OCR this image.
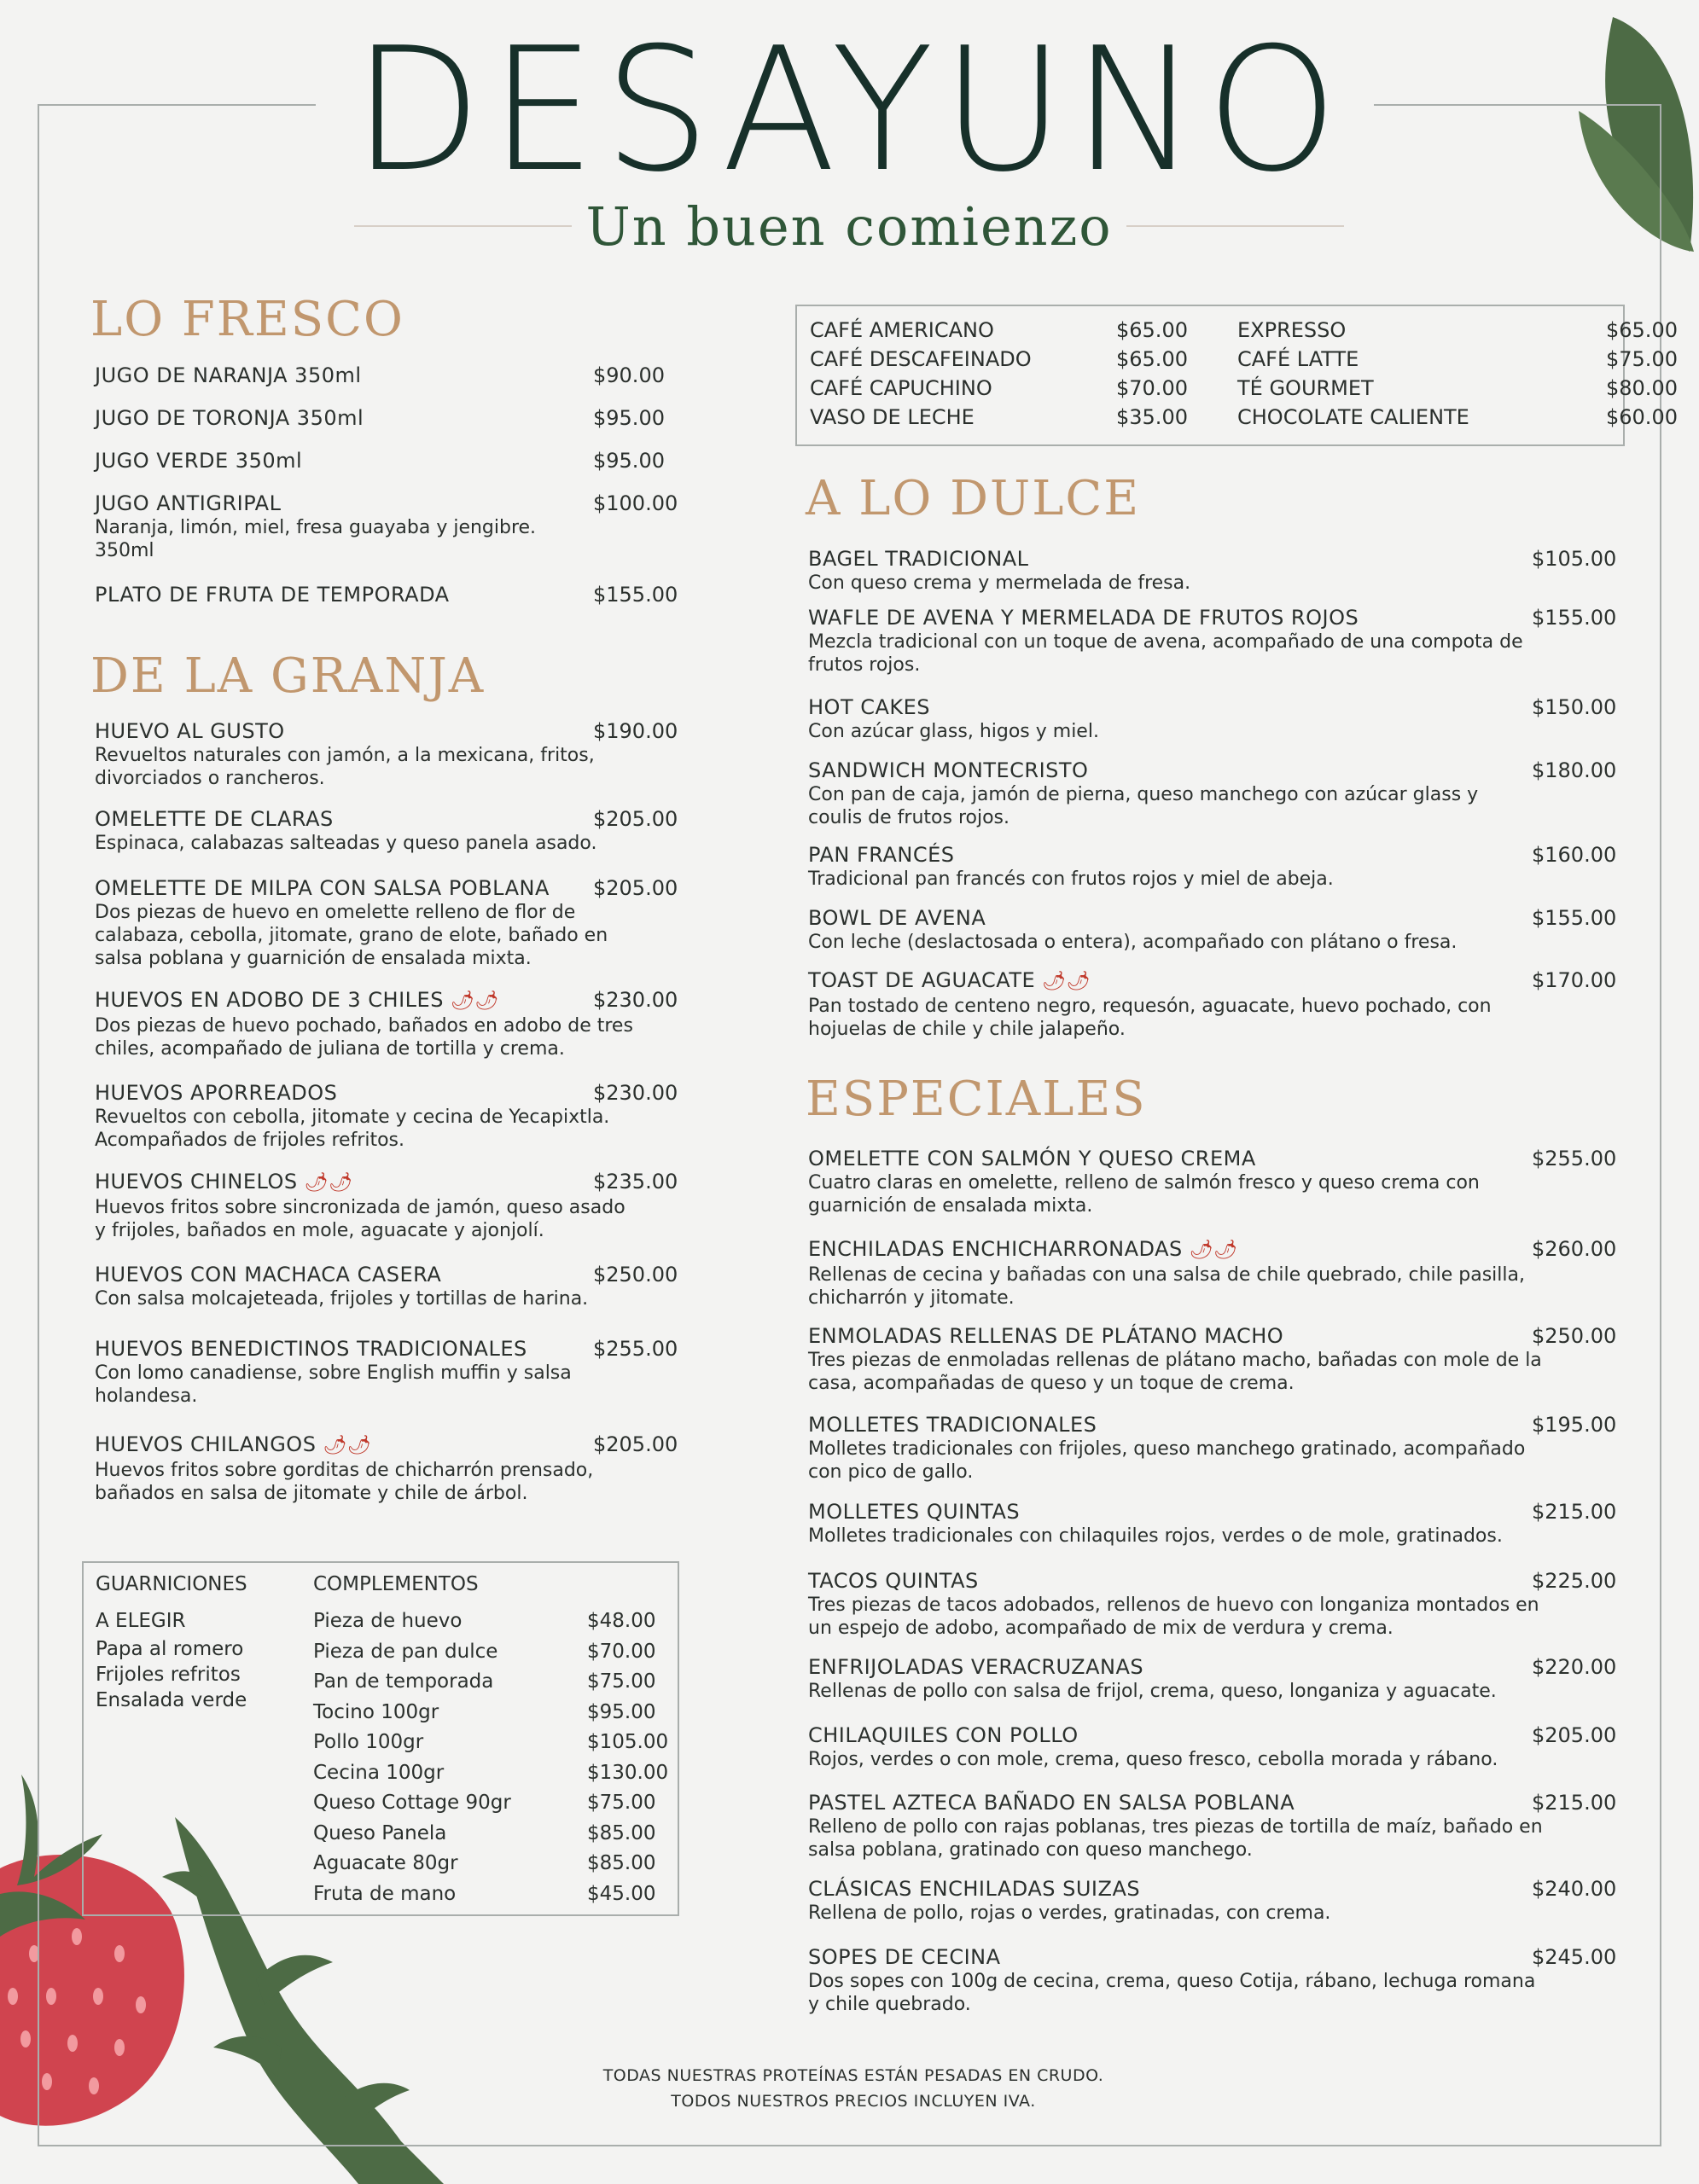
DESAYUNO
Un buen comienzo
CAFÉ AMERICANO	$65.00
CAFÉ DESCAFEINADO	$65.00
CAFÉ CAPUCHINO	$70.00
VASO DE LECHE	$35.00
EXPRESSO	$65.00
CAFÉ LATTE	$75.00
TÉ GOURMET	$80.00
CHOCOLATE CALIENTE	$60.00
LO FRESCO
DE LA GRANJA
A LO DULCE
ESPECIALES
JUGO DE NARANJA 350ml	$90.00
JUGO DE TORONJA 350ml	$95.00
JUGO VERDE 350ml	$95.00
JUGO ANTIGRIPAL	$100.00
Naranja, limón, miel, fresa guayaba y jengibre. 350ml
PLATO DE FRUTA DE TEMPORADA	$155.00
HUEVO AL GUSTO	$190.00
Revueltos naturales con jamón, a la mexicana, fritos, divorciados o rancheros.
OMELETTE DE CLARAS	$205.00
Espinaca, calabazas salteadas y queso panela asado.
OMELETTE DE MILPA CON SALSA POBLANA	$205.00
Dos piezas de huevo en omelette relleno de flor de calabaza, cebolla, jitomate, grano de elote, bañado en salsa poblana y guarnición de ensalada mixta.
HUEVOS EN ADOBO DE 3 CHILES 🌶🌶	$230.00
Dos piezas de huevo pochado, bañados en adobo de tres chiles, acompañado de juliana de tortilla y crema.
HUEVOS APORREADOS	$230.00
Revueltos con cebolla, jitomate y cecina de Yecapixtla. Acompañados de frijoles refritos.
HUEVOS CHINELOS 🌶🌶	$235.00
Huevos fritos sobre sincronizada de jamón, queso asado y frijoles, bañados en mole, aguacate y ajonjolí.
HUEVOS CON MACHACA CASERA	$250.00
Con salsa molcajeteada, frijoles y tortillas de harina.
HUEVOS BENEDICTINOS TRADICIONALES	$255.00
Con lomo canadiense, sobre English muffin y salsa holandesa.
HUEVOS CHILANGOS 🌶🌶	$205.00
Huevos fritos sobre gorditas de chicharrón prensado, bañados en salsa de jitomate y chile de árbol.
BAGEL TRADICIONAL	$105.00
Con queso crema y mermelada de fresa.
WAFLE DE AVENA Y MERMELADA DE FRUTOS ROJOS	$155.00
Mezcla tradicional con un toque de avena, acompañado de una compota de frutos rojos.
HOT CAKES	$150.00
Con azúcar glass, higos y miel.
SANDWICH MONTECRISTO	$180.00
Con pan de caja, jamón de pierna, queso manchego con azúcar glass y coulis de frutos rojos.
PAN FRANCÉS	$160.00
Tradicional pan francés con frutos rojos y miel de abeja.
BOWL DE AVENA	$155.00
Con leche (deslactosada o entera), acompañado con plátano o fresa.
TOAST DE AGUACATE 🌶🌶	$170.00
Pan tostado de centeno negro, requesón, aguacate, huevo pochado, con hojuelas de chile y chile jalapeño.
OMELETTE CON SALMÓN Y QUESO CREMA	$255.00
Cuatro claras en omelette, relleno de salmón fresco y queso crema con guarnición de ensalada mixta.
ENCHILADAS ENCHICHARRONADAS 🌶🌶	$260.00
Rellenas de cecina y bañadas con una salsa de chile quebrado, chile pasilla, chicharrón y jitomate.
ENMOLADAS RELLENAS DE PLÁTANO MACHO	$250.00
Tres piezas de enmoladas rellenas de plátano macho, bañadas con mole de la casa, acompañadas de queso y un toque de crema.
MOLLETES TRADICIONALES	$195.00
Molletes tradicionales con frijoles, queso manchego gratinado, acompañado con pico de gallo.
MOLLETES QUINTAS	$215.00
Molletes tradicionales con chilaquiles rojos, verdes o de mole, gratinados.
TACOS QUINTAS	$225.00
Tres piezas de tacos adobados, rellenos de huevo con longaniza montados en un espejo de adobo, acompañado de mix de verdura y crema.
ENFRIJOLADAS VERACRUZANAS	$220.00
Rellenas de pollo con salsa de frijol, crema, queso, longaniza y aguacate.
CHILAQUILES CON POLLO	$205.00
Rojos, verdes o con mole, crema, queso fresco, cebolla morada y rábano.
PASTEL AZTECA BAÑADO EN SALSA POBLANA	$215.00
Relleno de pollo con rajas poblanas, tres piezas de tortilla de maíz, bañado en salsa poblana, gratinado con queso manchego.
CLÁSICAS ENCHILADAS SUIZAS	$240.00
Rellena de pollo, rojas o verdes, gratinadas, con crema.
SOPES DE CECINA	$245.00
Dos sopes con 100g de cecina, crema, queso Cotija, rábano, lechuga romana y chile quebrado.
GUARNICIONES	COMPLEMENTOS
A ELEGIR
Papa al romero
Frijoles refritos
Ensalada verde
Pieza de huevo	$48.00
Pieza de pan dulce	$70.00
Pan de temporada	$75.00
Tocino 100gr	$95.00
Pollo 100gr	$105.00
Cecina 100gr	$130.00
Queso Cottage 90gr	$75.00
Queso Panela	$85.00
Aguacate 80gr	$85.00
Fruta de mano	$45.00
TODAS NUESTRAS PROTEÍNAS ESTÁN PESADAS EN CRUDO.
TODOS NUESTROS PRECIOS INCLUYEN IVA.
